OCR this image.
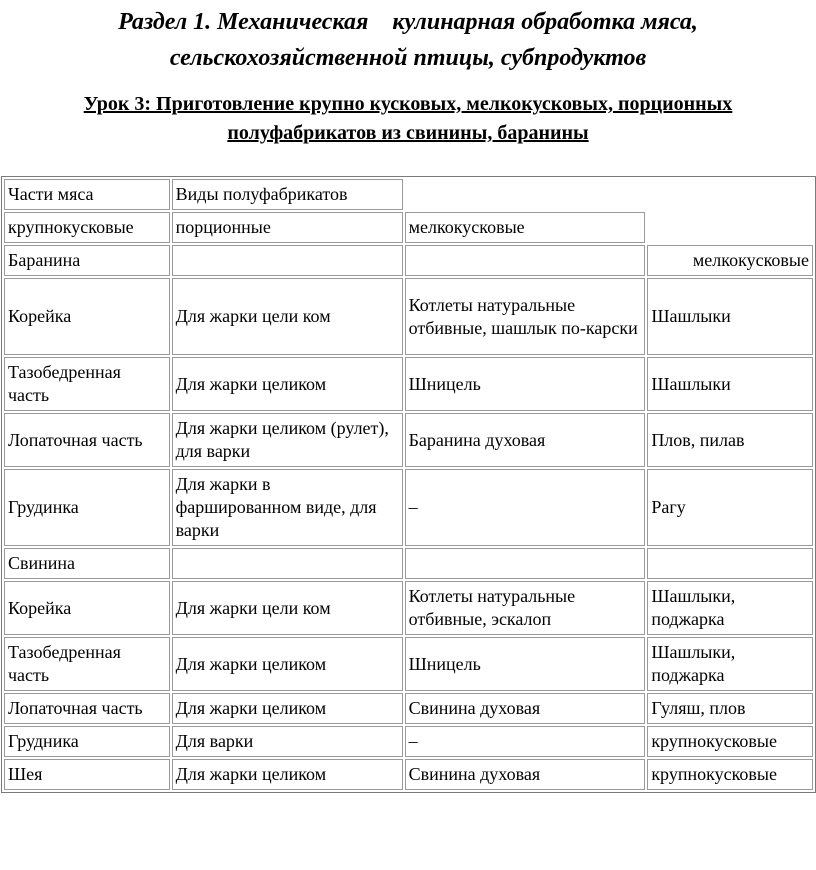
Раздел 1. Механическая    кулинарная обработка мяса,
сельскохозяйственной птицы, субпродуктов
Урок 3: Приготовление крупно кусковых, мелкокусковых, порционных
полуфабрикатов из свинины, баранины
Части мяса	Виды полуфабрикатов		
крупнокусковые	порционные	мелкокусковые	
Баранина			мелкокусковые
Корейка	Для жарки цели ком	Котлеты натуральные отбивные, шашлык по-карски	Шашлыки
Тазобедренная часть	Для жарки целиком	Шницель	Шашлыки
Лопаточная часть	Для жарки целиком (рулет), для варки	Баранина духовая	Плов, пилав
Грудинка	Для жарки в фаршированном виде, для варки	–	Рагу
Свинина			
Корейка	Для жарки цели ком	Котлеты натуральные отбивные, эскалоп	Шашлыки, поджарка
Тазобедренная часть	Для жарки целиком	Шницель	Шашлыки, поджарка
Лопаточная часть	Для жарки целиком	Свинина духовая	Гуляш, плов
Грудника	Для варки	–	крупнокусковые
Шея	Для жарки целиком	Свинина духовая	крупнокусковые
